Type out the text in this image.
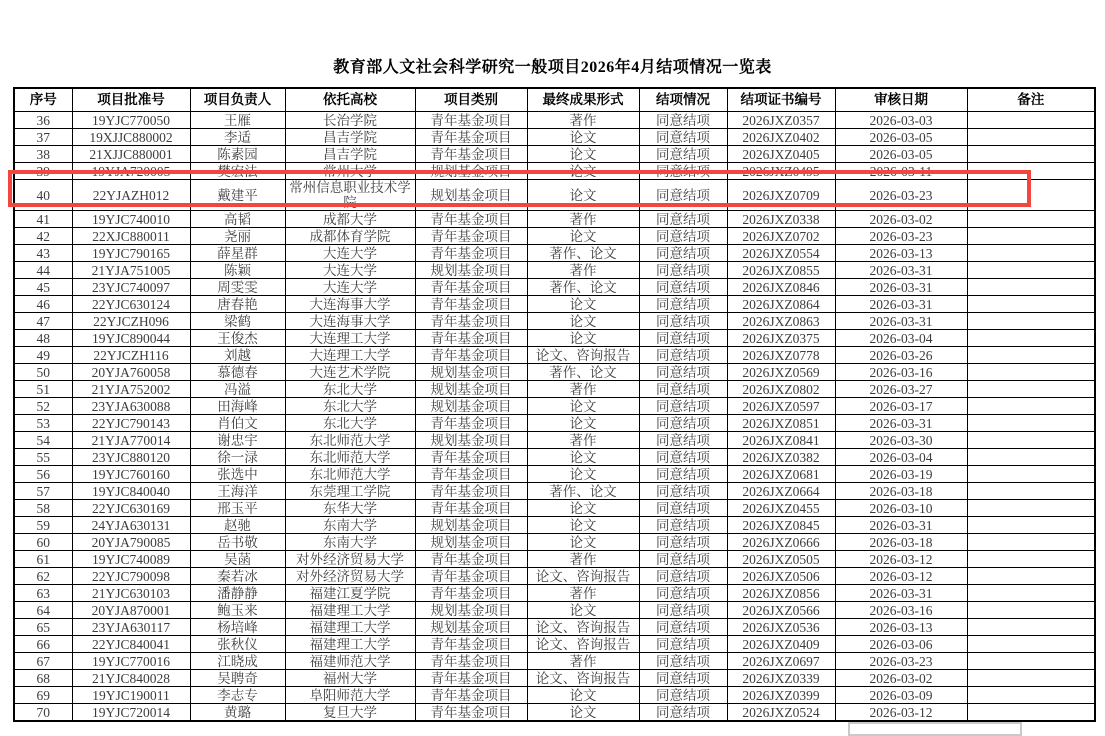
教育部人文社会科学研究一般项目2026年4月结项情况一览表
序号	项目批准号	项目负责人	依托高校	项目类别	最终成果形式	结项情况	结项证书编号	审核日期	备注
36	19YJC770050	王雁	长治学院	青年基金项目	著作	同意结项	2026JXZ0357	2026-03-03	
37	19XJJC880002	李适	昌吉学院	青年基金项目	论文	同意结项	2026JXZ0402	2026-03-05	
38	21XJJC880001	陈素园	昌吉学院	青年基金项目	论文	同意结项	2026JXZ0405	2026-03-05	
39	19YJA720005	樊宏法	常州大学	规划基金项目	论文	同意结项	2026JXZ0495	2026-03-11	
40	22YJAZH012	戴建平	常州信息职业技术学院	规划基金项目	论文	同意结项	2026JXZ0709	2026-03-23	
41	19YJC740010	高韬	成都大学	青年基金项目	著作	同意结项	2026JXZ0338	2026-03-02	
42	22XJC880011	尧丽	成都体育学院	青年基金项目	论文	同意结项	2026JXZ0702	2026-03-23	
43	19YJC790165	薛星群	大连大学	青年基金项目	著作、论文	同意结项	2026JXZ0554	2026-03-13	
44	21YJA751005	陈颖	大连大学	规划基金项目	著作	同意结项	2026JXZ0855	2026-03-31	
45	23YJC740097	周雯雯	大连大学	青年基金项目	著作、论文	同意结项	2026JXZ0846	2026-03-31	
46	22YJC630124	唐春艳	大连海事大学	青年基金项目	论文	同意结项	2026JXZ0864	2026-03-31	
47	22YJCZH096	梁鹤	大连海事大学	青年基金项目	论文	同意结项	2026JXZ0863	2026-03-31	
48	19YJC890044	王俊杰	大连理工大学	青年基金项目	论文	同意结项	2026JXZ0375	2026-03-04	
49	22YJCZH116	刘越	大连理工大学	青年基金项目	论文、咨询报告	同意结项	2026JXZ0778	2026-03-26	
50	20YJA760058	慕德春	大连艺术学院	规划基金项目	著作、论文	同意结项	2026JXZ0569	2026-03-16	
51	21YJA752002	冯溢	东北大学	规划基金项目	著作	同意结项	2026JXZ0802	2026-03-27	
52	23YJA630088	田海峰	东北大学	规划基金项目	论文	同意结项	2026JXZ0597	2026-03-17	
53	22YJC790143	肖伯文	东北大学	青年基金项目	论文	同意结项	2026JXZ0851	2026-03-31	
54	21YJA770014	谢忠宇	东北师范大学	规划基金项目	著作	同意结项	2026JXZ0841	2026-03-30	
55	23YJC880120	徐一渌	东北师范大学	青年基金项目	论文	同意结项	2026JXZ0382	2026-03-04	
56	19YJC760160	张选中	东北师范大学	青年基金项目	论文	同意结项	2026JXZ0681	2026-03-19	
57	19YJC840040	王海洋	东莞理工学院	青年基金项目	著作、论文	同意结项	2026JXZ0664	2026-03-18	
58	22YJC630169	邢玉平	东华大学	青年基金项目	论文	同意结项	2026JXZ0455	2026-03-10	
59	24YJA630131	赵驰	东南大学	规划基金项目	论文	同意结项	2026JXZ0845	2026-03-31	
60	20YJA790085	岳书敬	东南大学	规划基金项目	论文	同意结项	2026JXZ0666	2026-03-18	
61	19YJC740089	吴菡	对外经济贸易大学	青年基金项目	著作	同意结项	2026JXZ0505	2026-03-12	
62	22YJC790098	秦若冰	对外经济贸易大学	青年基金项目	论文、咨询报告	同意结项	2026JXZ0506	2026-03-12	
63	21YJC630103	潘静静	福建江夏学院	青年基金项目	著作	同意结项	2026JXZ0856	2026-03-31	
64	20YJA870001	鲍玉来	福建理工大学	规划基金项目	论文	同意结项	2026JXZ0566	2026-03-16	
65	23YJA630117	杨培峰	福建理工大学	规划基金项目	论文、咨询报告	同意结项	2026JXZ0536	2026-03-13	
66	22YJC840041	张秋仪	福建理工大学	青年基金项目	论文、咨询报告	同意结项	2026JXZ0409	2026-03-06	
67	19YJC770016	江晓成	福建师范大学	青年基金项目	著作	同意结项	2026JXZ0697	2026-03-23	
68	21YJC840028	吴聘奇	福州大学	青年基金项目	论文、咨询报告	同意结项	2026JXZ0339	2026-03-02	
69	19YJC190011	李志专	阜阳师范大学	青年基金项目	论文	同意结项	2026JXZ0399	2026-03-09	
70	19YJC720014	黄璐	复旦大学	青年基金项目	论文	同意结项	2026JXZ0524	2026-03-12	
